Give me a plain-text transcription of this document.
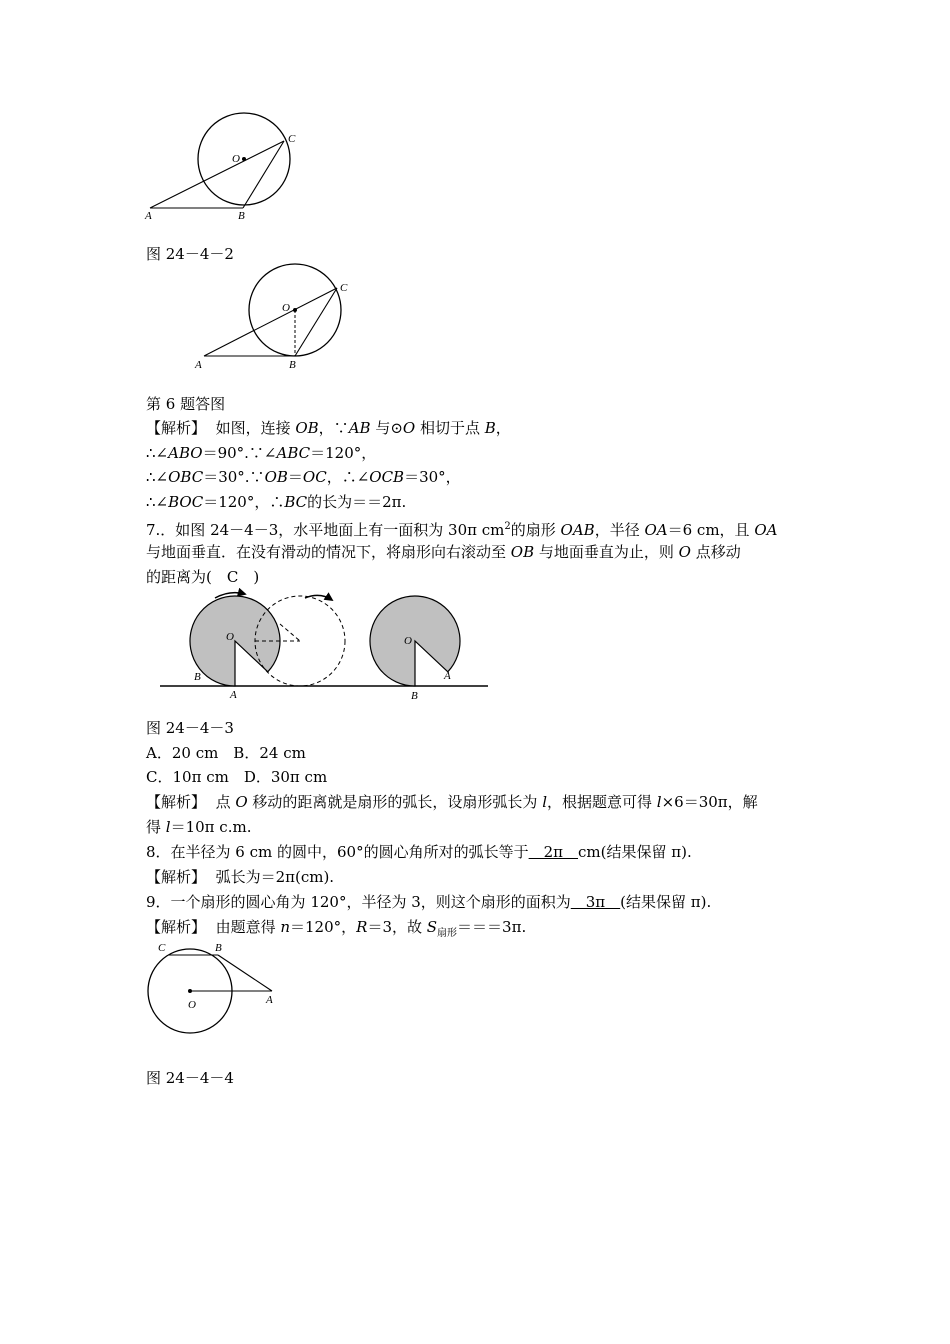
O
C
A	B
图 24－4－2
O
C
A	B
第 6 题答图
【解析】 如图，连接 OB，∵AB 与⊙O 相切于点 B，
∴∠ABO＝90°.∵∠ABC＝120°，
∴∠OBC＝30°.∵OB＝OC，∴∠OCB＝30°，
∴∠BOC＝120°，∴BC的长为＝＝2π.
7.．如图 24－4－3，水平地面上有一面积为 30π $cm^2$的扇形 OAB，半径 OA＝6 cm，且 OA
与地面垂直．在没有滑动的情况下，将扇形向右滚动至 OB 与地面垂直为止，则 O 点移动
的距离为(　C　)
O
B
A
O
B
A
图 24－4－3
A．20 cm　B．24 cm
C．10π cm　D．30π cm
【解析】 点 O 移动的距离就是扇形的弧长，设扇形弧长为 l，根据题意可得 l×6＝30π，解
得 l＝10π c.m.
8．在半径为 6 cm 的圆中，60°的圆心角所对的弧长等于　2π　cm(结果保留 π).
【解析】 弧长为＝2π(cm).
9．一个扇形的圆心角为 120°，半径为 3，则这个扇形的面积为　3π　(结果保留 π).
【解析】 由题意得 n＝120°，R＝3，故 $S_{扇形}===3\pi$.
C	B
O	A
图 24－4－4
